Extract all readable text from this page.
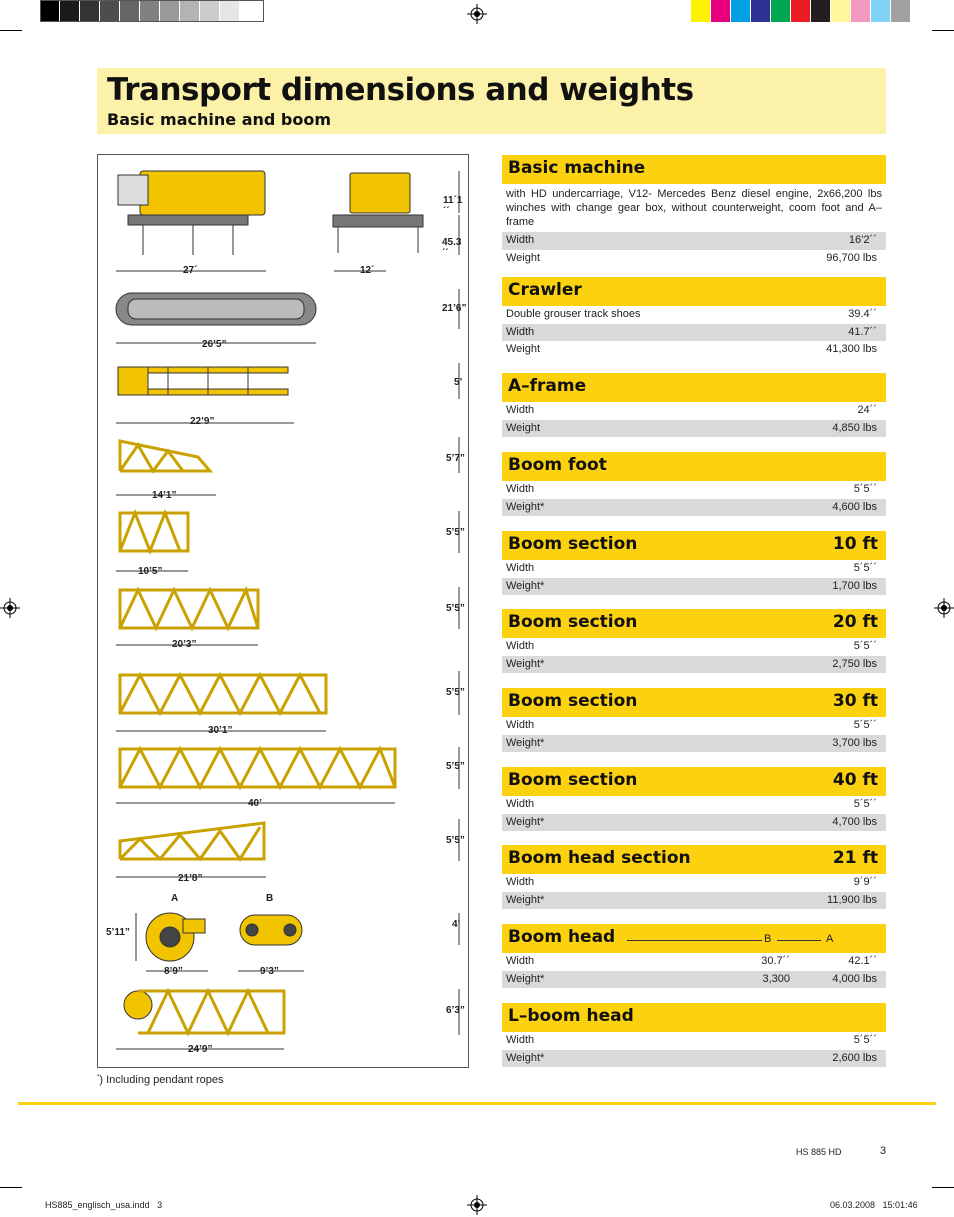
Transport dimensions and weights
Basic machine and boom
27´	12´
11´1´´
45.3´´
26’5”
21’6”
22’9”
5’
14’1”
5’7”
10’5”
5’5”
20’3”
5’5”
30’1”
5’5”
40’
5’5”
21’8”
5’5”
A	B
5’11”
4’
8’9”	9’3”
24’9”
6’3”
Basic machine
with HD undercarriage, V12- Mercedes Benz diesel engine, 2x66,200 lbs winches with change gear box, without counterweight, coom foot and A–frame
Width	16’2´´
Weight	96,700 lbs
Crawler
Double grouser track shoes	39.4´´
Width	41.7´´
Weight	41,300 lbs
A–frame
Width	24´´
Weight	4,850 lbs
Boom foot
Width	5´5´´
Weight*	4,600 lbs
Boom section	10 ft
Width	5´5´´
Weight*	1,700 lbs
Boom section	20 ft
Width	5´5´´
Weight*	2,750 lbs
Boom section	30 ft
Width	5´5´´
Weight*	3,700 lbs
Boom section	40 ft
Width	5´5´´
Weight*	4,700 lbs
Boom head section	21 ft
Width	9´9´´
Weight*	11,900 lbs
Boom head	B	A
Width	30.7´´	42.1´´
Weight*	3,300	4,000 lbs
L–boom head
Width	5´5´´
Weight*	2,600 lbs
*) Including pendant ropes
HS 885 HD	3
HS885_englisch_usa.indd   3	06.03.2008   15:01:46
